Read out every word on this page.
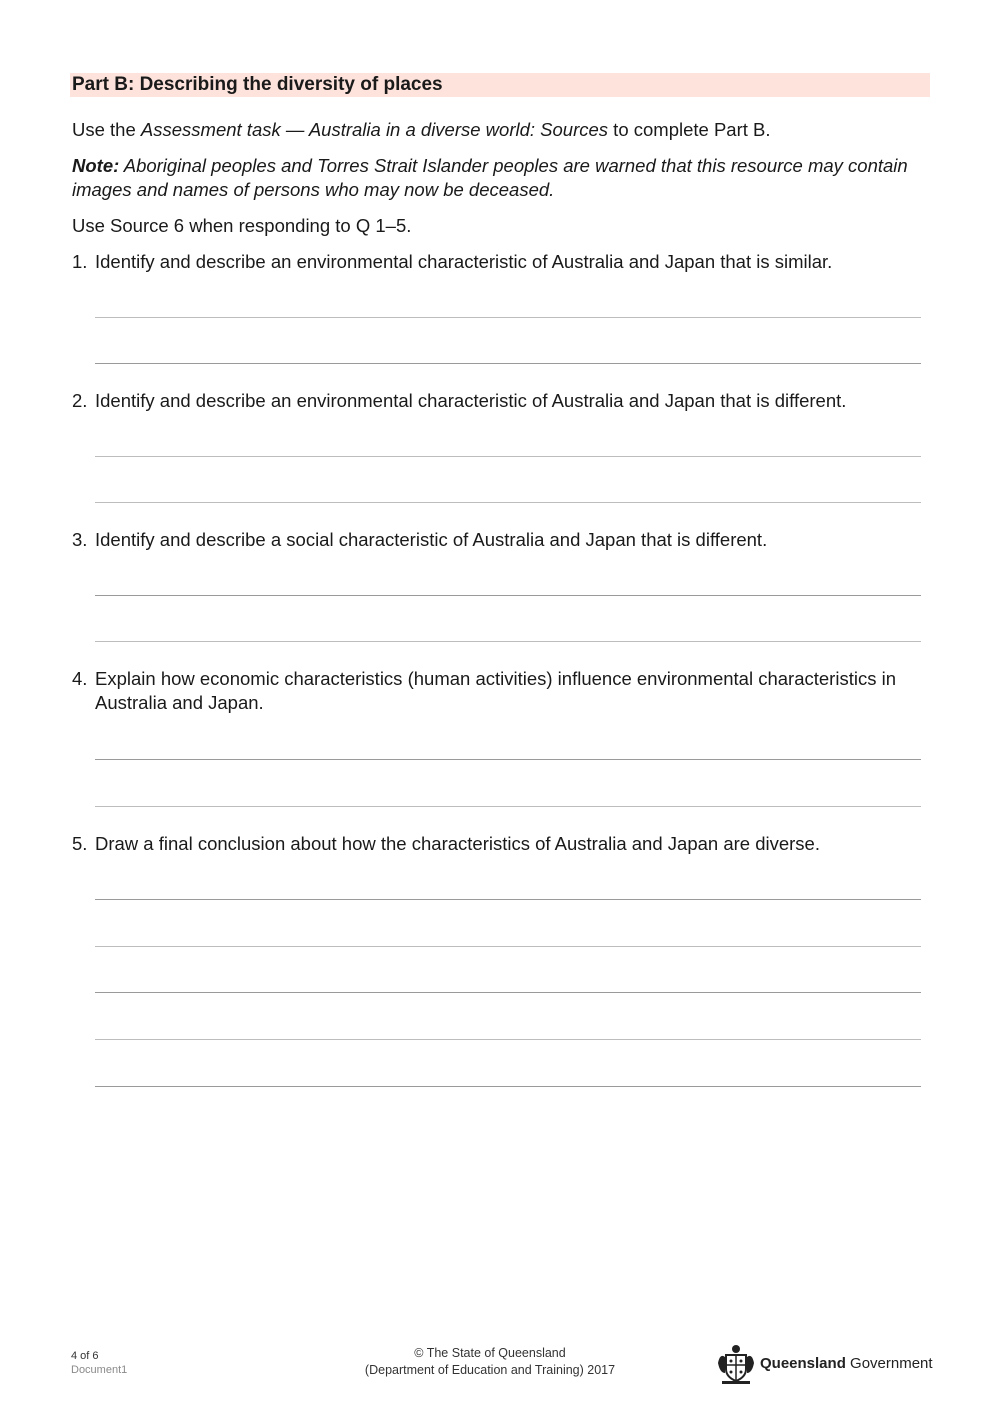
Part B: Describing the diversity of places
Use the Assessment task — Australia in a diverse world: Sources to complete Part B.
Note: Aboriginal peoples and Torres Strait Islander peoples are warned that this resource may contain images and names of persons who may now be deceased.
Use Source 6 when responding to Q 1–5.
1. Identify and describe an environmental characteristic of Australia and Japan that is similar.
2. Identify and describe an environmental characteristic of Australia and Japan that is different.
3. Identify and describe a social characteristic of Australia and Japan that is different.
4. Explain how economic characteristics (human activities) influence environmental characteristics in Australia and Japan.
5. Draw a final conclusion about how the characteristics of Australia and Japan are diverse.
4 of 6
Document1
© The State of Queensland
(Department of Education and Training) 2017	Queensland Government
